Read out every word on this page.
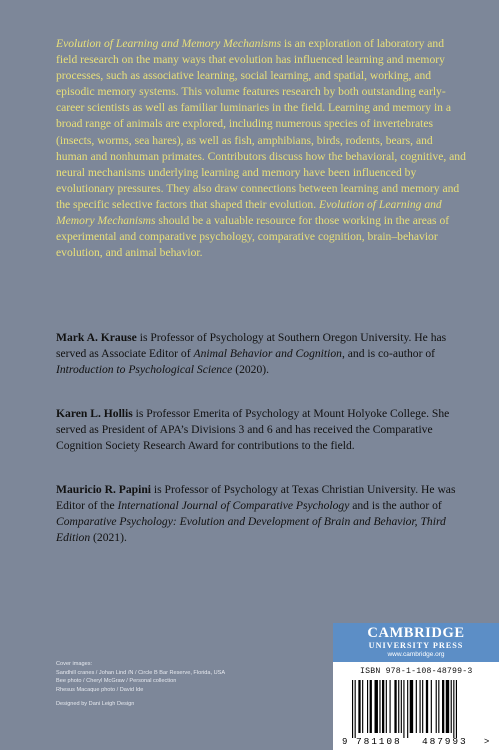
Evolution of Learning and Memory Mechanisms is an exploration of laboratory and field research on the many ways that evolution has influenced learning and memory processes, such as associative learning, social learning, and spatial, working, and episodic memory systems. This volume features research by both outstanding early-career scientists as well as familiar luminaries in the field. Learning and memory in a broad range of animals are explored, including numerous species of invertebrates (insects, worms, sea hares), as well as fish, amphibians, birds, rodents, bears, and human and nonhuman primates. Contributors discuss how the behavioral, cognitive, and neural mechanisms underlying learning and memory have been influenced by evolutionary pressures. They also draw connections between learning and memory and the specific selective factors that shaped their evolution. Evolution of Learning and Memory Mechanisms should be a valuable resource for those working in the areas of experimental and comparative psychology, comparative cognition, brain–behavior evolution, and animal behavior.
Mark A. Krause is Professor of Psychology at Southern Oregon University. He has served as Associate Editor of Animal Behavior and Cognition, and is co-author of Introduction to Psychological Science (2020).
Karen L. Hollis is Professor Emerita of Psychology at Mount Holyoke College. She served as President of APA’s Divisions 3 and 6 and has received the Comparative Cognition Society Research Award for contributions to the field.
Mauricio R. Papini is Professor of Psychology at Texas Christian University. He was Editor of the International Journal of Comparative Psychology and is the author of Comparative Psychology: Evolution and Development of Brain and Behavior, Third Edition (2021).
Cover images:
Sandhill cranes / Johan Lind /N / Circle B Bar Reserve, Florida, USA
Bee photo / Cheryl McGraw / Personal collection
Rhesus Macaque photo / David Ide
Designed by Dani Leigh Design
CAMBRIDGE
UNIVERSITY PRESS
www.cambridge.org
ISBN 978-1-108-48799-3
9 781108 487993 >
